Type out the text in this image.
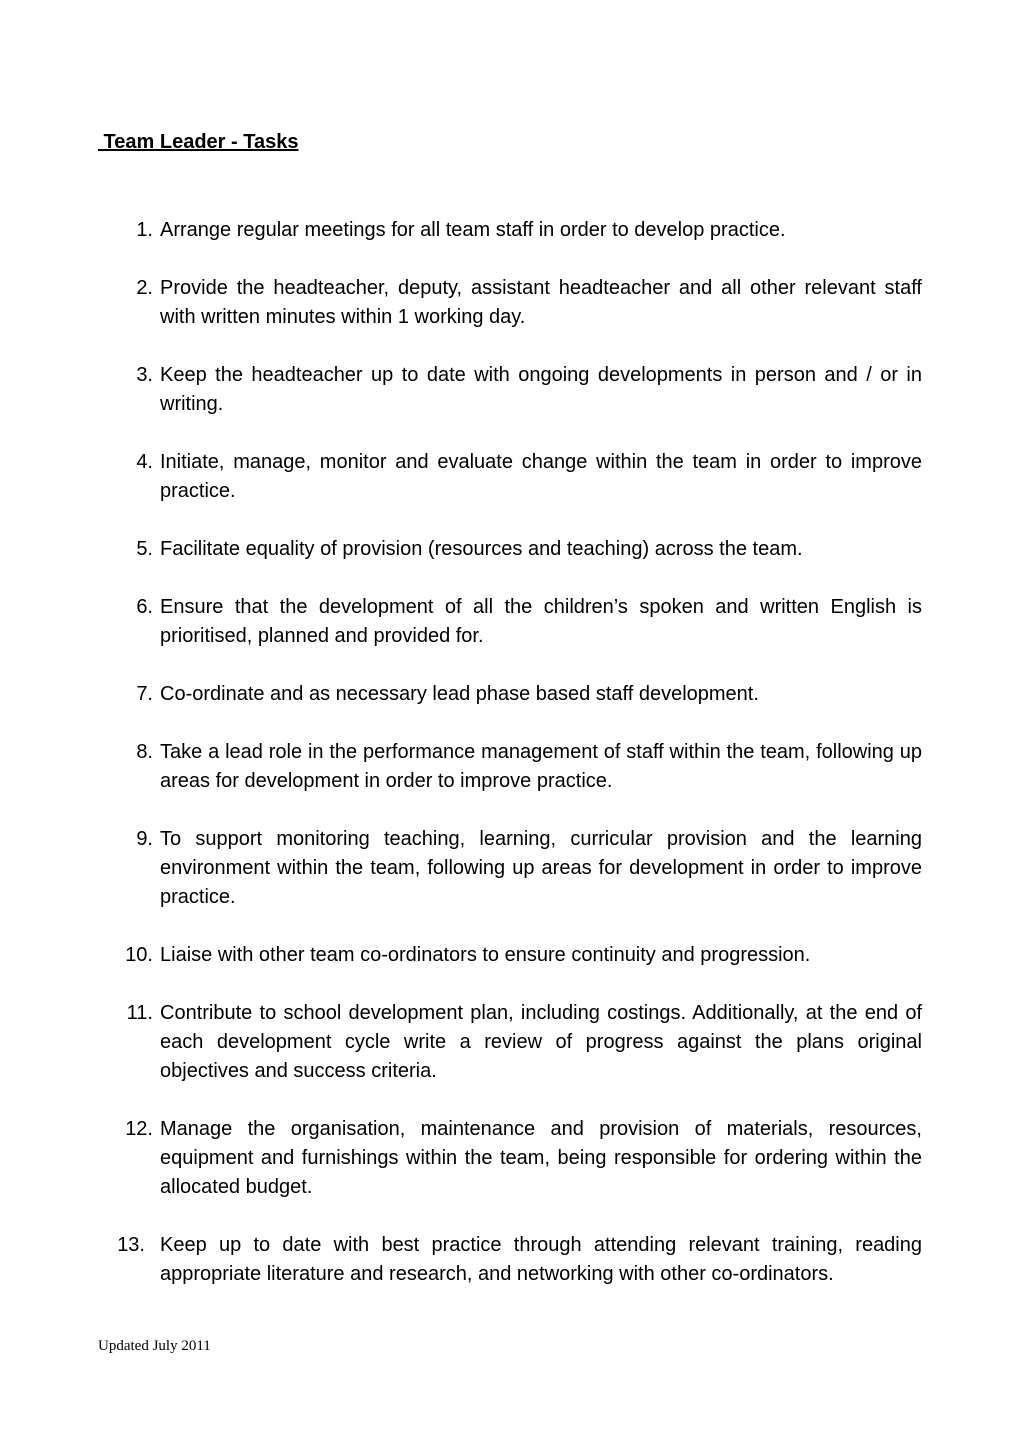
Team Leader - Tasks
1. Arrange regular meetings for all team staff in order to develop practice.
2. Provide the headteacher, deputy, assistant headteacher and all other relevant staff with written minutes within 1 working day.
3. Keep the headteacher up to date with ongoing developments in person and / or in writing.
4. Initiate, manage, monitor and evaluate change within the team in order to improve practice.
5. Facilitate equality of provision (resources and teaching) across the team.
6. Ensure that the development of all the children’s spoken and written English is prioritised, planned and provided for.
7. Co-ordinate and as necessary lead phase based staff development.
8. Take a lead role in the performance management of staff within the team, following up areas for development in order to improve practice.
9. To support monitoring teaching, learning, curricular provision and the learning environment within the team, following up areas for development in order to improve practice.
10. Liaise with other team co-ordinators to ensure continuity and progression.
11. Contribute to school development plan, including costings. Additionally, at the end of each development cycle write a review of progress against the plans original objectives and success criteria.
12. Manage the organisation, maintenance and provision of materials, resources, equipment and furnishings within the team, being responsible for ordering within the allocated budget.
13. Keep up to date with best practice through attending relevant training, reading appropriate literature and research, and networking with other co-ordinators.
Updated July 2011
